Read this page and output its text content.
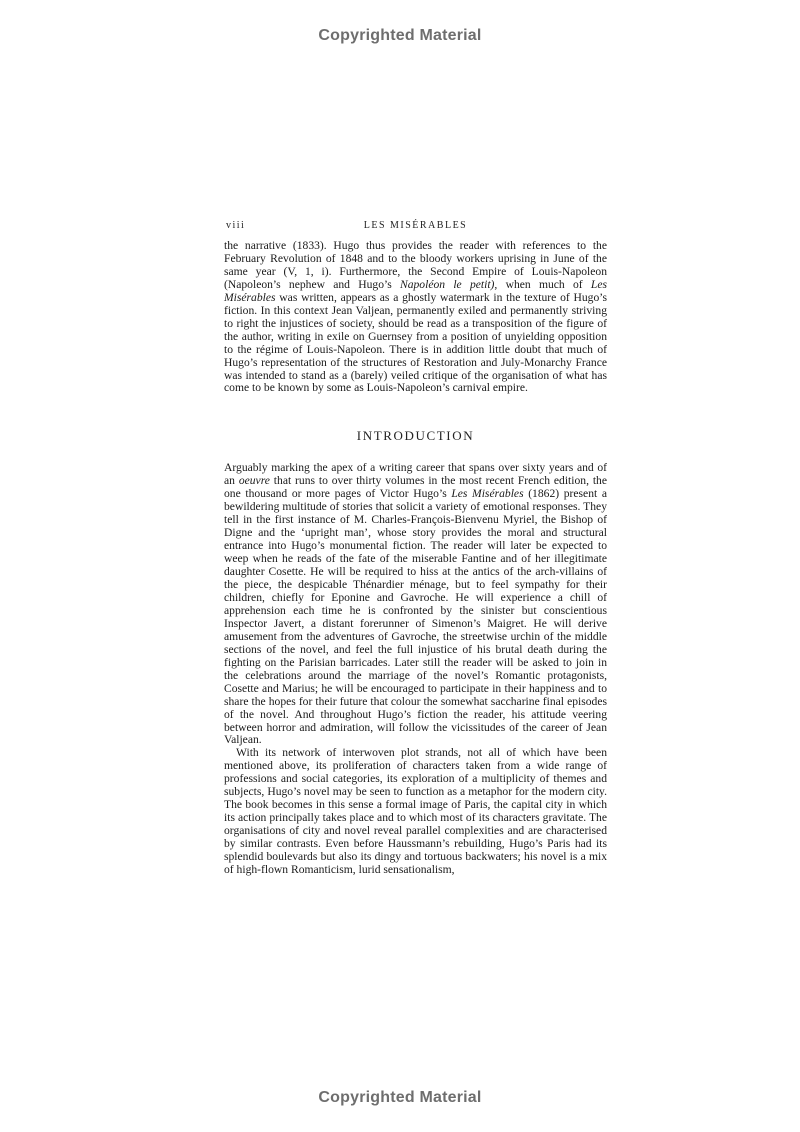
Copyrighted Material
viii	LES MISÉRABLES

the narrative (1833). Hugo thus provides the reader with references to the February Revolution of 1848 and to the bloody workers uprising in June of the same year (V, 1, i). Furthermore, the Second Empire of Louis-Napoleon (Napoleon’s nephew and Hugo’s Napoléon le petit), when much of Les Misérables was written, appears as a ghostly watermark in the texture of Hugo’s fiction. In this context Jean Valjean, permanently exiled and permanently striving to right the injustices of society, should be read as a transposition of the figure of the author, writing in exile on Guernsey from a position of unyielding opposition to the régime of Louis-Napoleon. There is in addition little doubt that much of Hugo’s representation of the structures of Restoration and July-Monarchy France was intended to stand as a (barely) veiled critique of the organisation of what has come to be known by some as Louis-Napoleon’s carnival empire.

INTRODUCTION

Arguably marking the apex of a writing career that spans over sixty years and of an oeuvre that runs to over thirty volumes in the most recent French edition, the one thousand or more pages of Victor Hugo’s Les Misérables (1862) present a bewildering multitude of stories that solicit a variety of emotional responses. They tell in the first instance of M. Charles-François-Bienvenu Myriel, the Bishop of Digne and the ‘upright man’, whose story provides the moral and structural entrance into Hugo’s monumental fiction. The reader will later be expected to weep when he reads of the fate of the miserable Fantine and of her illegitimate daughter Cosette. He will be required to hiss at the antics of the arch-villains of the piece, the despicable Thénardier ménage, but to feel sympathy for their children, chiefly for Eponine and Gavroche. He will experience a chill of apprehension each time he is confronted by the sinister but conscientious Inspector Javert, a distant forerunner of Simenon’s Maigret. He will derive amusement from the adventures of Gavroche, the streetwise urchin of the middle sections of the novel, and feel the full injustice of his brutal death during the fighting on the Parisian barricades. Later still the reader will be asked to join in the celebrations around the marriage of the novel’s Romantic protagonists, Cosette and Marius; he will be encouraged to participate in their happiness and to share the hopes for their future that colour the somewhat saccharine final episodes of the novel. And throughout Hugo’s fiction the reader, his attitude veering between horror and admiration, will follow the vicissitudes of the career of Jean Valjean.

With its network of interwoven plot strands, not all of which have been mentioned above, its proliferation of characters taken from a wide range of professions and social categories, its exploration of a multiplicity of themes and subjects, Hugo’s novel may be seen to function as a metaphor for the modern city. The book becomes in this sense a formal image of Paris, the capital city in which its action principally takes place and to which most of its characters gravitate. The organisations of city and novel reveal parallel complexities and are characterised by similar contrasts. Even before Haussmann’s rebuilding, Hugo’s Paris had its splendid boulevards but also its dingy and tortuous backwaters; his novel is a mix of high-flown Romanticism, lurid sensationalism,

Copyrighted Material
